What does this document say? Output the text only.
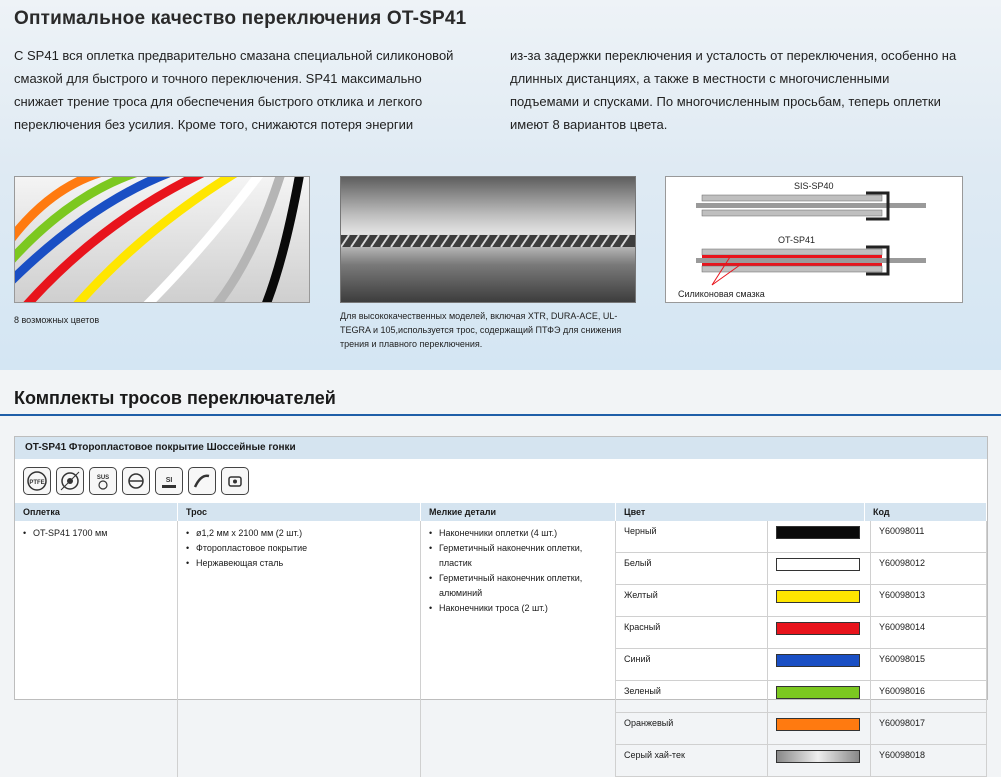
Оптимальное качество переключения OT-SP41
С SP41 вся оплетка предварительно смазана специальной силиконовой смазкой для быстрого и точного переключения. SP41 максимально снижает трение троса для обеспечения быстрого отклика и легкого переключения без усилия. Кроме того, снижаются потеря энергии
из-за задержки переключения и усталость от переключения, особенно на длинных дистанциях, а также в местности с многочисленными подъемами и спусками. По многочисленным просьбам, теперь оплетки имеют 8 вариантов цвета.
8 возможных цветов	Для высококачественных моделей, включая XTR, DURA-ACE, UL-TEGRA и 105,используется трос, содержащий ПТФЭ для снижения трения и плавного переключения.
SIS-SP40
OT-SP41
Силиконовая смазка
Комплекты тросов переключателей
OT-SP41 Фторопластовое покрытие Шоссейные гонки
PTFE
SUS	SI
Оплетка	Трос	Мелкие детали	Цвет	Код

• OT-SP41 1700 мм

•ø1,2 мм x 2100 мм (2 шт.)
• Фторопластовое покрытие
• Нержавеющая сталь

• Наконечники оплетки (4 шт.)
• Герметичный наконечник оплетки, пластик
• Герметичный наконечник оплетки, алюминий
• Наконечники троса (2 шт.)

Черный		Y60098011
Белый		Y60098012
Желтый		Y60098013
Красный		Y60098014
Синий		Y60098015
Зеленый		Y60098016
Оранжевый		Y60098017
Серый хай-тек		Y60098018
